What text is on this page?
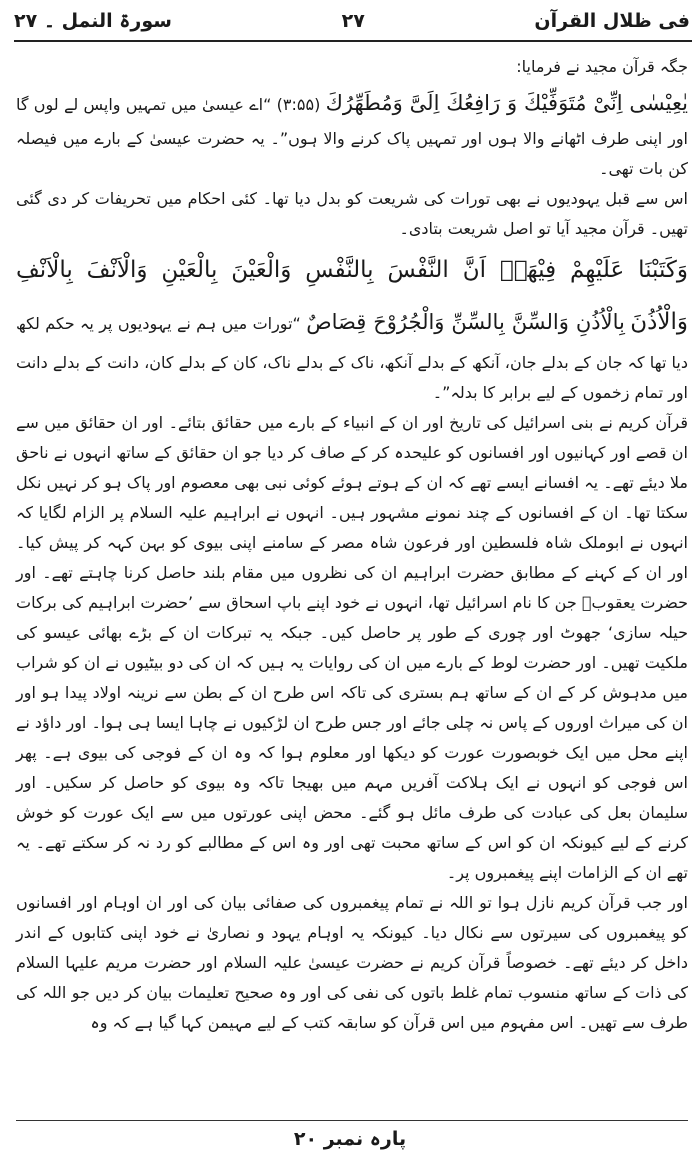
فی ظلال القرآن
۲۷
سورۃ النمل ۔ ۲۷

جگہ قرآن مجید نے فرمایا:

يٰعِيْسٰى اِنِّىْ مُتَوَفِّيْكَ وَ رَافِعُكَ اِلَىَّ وَمُطَهِّرُكَ (۳:۵۵) “اے عیسیٰ میں تمہیں واپس لے لوں گا اور اپنی طرف اٹھانے والا ہوں اور تمہیں پاک کرنے والا ہوں”۔ یہ حضرت عیسیٰ کے بارے میں فیصلہ کن بات تھی۔

اس سے قبل یہودیوں نے بھی تورات کی شریعت کو بدل دیا تھا۔ کئی احکام میں تحریفات کر دی گئی تھیں۔ قرآن مجید آیا تو اصل شریعت بتادی۔

وَكَتَبْنَا عَلَيْهِمْ فِيْهَاۤ اَنَّ النَّفْسَ بِالنَّفْسِ وَالْعَيْنَ بِالْعَيْنِ وَالْاَنْفَ بِالْاَنْفِ وَالْاُذُنَ بِالْاُذُنِ وَالسِّنَّ بِالسِّنِّ وَالْجُرُوْحَ قِصَاصٌ “تورات میں ہم نے یہودیوں پر یہ حکم لکھ دیا تھا کہ جان کے بدلے جان، آنکھ کے بدلے آنکھ، ناک کے بدلے ناک، کان کے بدلے کان، دانت کے بدلے دانت اور تمام زخموں کے لیے برابر کا بدلہ”۔

قرآن کریم نے بنی اسرائیل کی تاریخ اور ان کے انبیاء کے بارے میں حقائق بتائے۔ اور ان حقائق میں سے ان قصے اور کہانیوں اور افسانوں کو علیحدہ کر کے صاف کر دیا جو ان حقائق کے ساتھ انہوں نے ناحق ملا دیئے تھے۔ یہ افسانے ایسے تھے کہ ان کے ہوتے ہوئے کوئی نبی بھی معصوم اور پاک ہو کر نہیں نکل سکتا تھا۔ ان کے افسانوں کے چند نمونے مشہور ہیں۔ انہوں نے ابراہیم علیہ السلام پر الزام لگایا کہ انہوں نے ابوملک شاہ فلسطین اور فرعون شاہ مصر کے سامنے اپنی بیوی کو بہن کہہ کر پیش کیا۔ اور ان کے کہنے کے مطابق حضرت ابراہیم ان کی نظروں میں مقام بلند حاصل کرنا چاہتے تھے۔ اور حضرت یعقوبؑ جن کا نام اسرائیل تھا، انہوں نے خود اپنے باپ اسحاق سے ’حضرت ابراہیم کی برکات حیلہ سازی‘ جھوٹ اور چوری کے طور پر حاصل کیں۔ جبکہ یہ تبرکات ان کے بڑے بھائی عیسو کی ملکیت تھیں۔ اور حضرت لوط کے بارے میں ان کی روایات یہ ہیں کہ ان کی دو بیٹیوں نے ان کو شراب میں مدہوش کر کے ان کے ساتھ ہم بستری کی تاکہ اس طرح ان کے بطن سے نرینہ اولاد پیدا ہو اور ان کی میراث اوروں کے پاس نہ چلی جائے اور جس طرح ان لڑکیوں نے چاہا ایسا ہی ہوا۔ اور داؤد نے اپنے محل میں ایک خوبصورت عورت کو دیکھا اور معلوم ہوا کہ وہ ان کے فوجی کی بیوی ہے۔ پھر اس فوجی کو انہوں نے ایک ہلاکت آفریں مہم میں بھیجا تاکہ وہ بیوی کو حاصل کر سکیں۔ اور سلیمان بعل کی عبادت کی طرف مائل ہو گئے۔ محض اپنی عورتوں میں سے ایک عورت کو خوش کرنے کے لیے کیونکہ ان کو اس کے ساتھ محبت تھی اور وہ اس کے مطالبے کو رد نہ کر سکتے تھے۔ یہ تھے ان کے الزامات اپنے پیغمبروں پر۔

اور جب قرآن کریم نازل ہوا تو اللہ نے تمام پیغمبروں کی صفائی بیان کی اور ان اوہام اور افسانوں کو پیغمبروں کی سیرتوں سے نکال دیا۔ کیونکہ یہ اوہام یہود و نصاریٰ نے خود اپنی کتابوں کے اندر داخل کر دیئے تھے۔ خصوصاً قرآن کریم نے حضرت عیسیٰ علیہ السلام اور حضرت مریم علیہا السلام کی ذات کے ساتھ منسوب تمام غلط باتوں کی نفی کی اور وہ صحیح تعلیمات بیان کر دیں جو اللہ کی طرف سے تھیں۔ اس مفہوم میں اس قرآن کو سابقہ کتب کے لیے مہیمن کہا گیا ہے کہ وہ

پارہ نمبر ۲۰
